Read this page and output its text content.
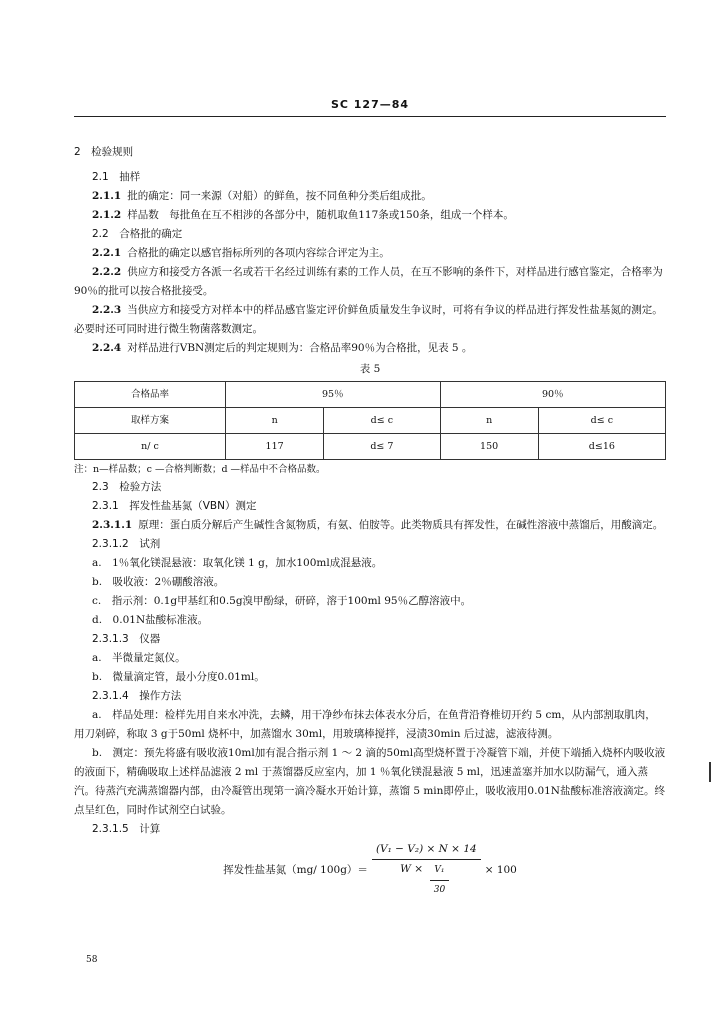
SC 127—84
2　检验规则
2.1　抽样
2.1.1 批的确定：同一来源（对船）的鲜鱼，按不同鱼种分类后组成批。
2.1.2 样品数　每批鱼在互不相涉的各部分中，随机取鱼117条或150条，组成一个样本。
2.2　合格批的确定
2.2.1 合格批的确定以感官指标所列的各项内容综合评定为主。
2.2.2 供应方和接受方各派一名或若干名经过训练有素的工作人员，在互不影响的条件下，对样品进行感官鉴定，合格率为90％的批可以按合格批接受。
2.2.3 当供应方和接受方对样本中的样品感官鉴定评价鲜鱼质量发生争议时，可将有争议的样品进行挥发性盐基氮的测定。必要时还可同时进行微生物菌落数测定。
2.2.4 对样品进行VBN测定后的判定规则为：合格品率90％为合格批，见表 5 。
表 5
合格品率	95％		90％	
取样方案	n	d≤ c	n	d≤ c
n/ c	117	d≤ 7	150	d≤16
注：n—样品数；c —合格判断数；d —样品中不合格品数。
2.3　检验方法
2.3.1　挥发性盐基氮（VBN）测定
2.3.1.1 原理：蛋白质分解后产生碱性含氮物质，有氨、伯胺等。此类物质具有挥发性，在碱性溶液中蒸馏后，用酸滴定。
2.3.1.2　试剂
a.　1％氧化镁混悬液：取氧化镁 1 g，加水100ml成混悬液。
b.　吸收液：2％硼酸溶液。
c.　指示剂：0.1g甲基红和0.5g溴甲酚绿，研碎，溶于100ml 95％乙醇溶液中。
d.　0.01N盐酸标准液。
2.3.1.3　仪器
a.　半微量定氮仪。
b.　微量滴定管，最小分度0.01ml。
2.3.1.4　操作方法
a.　样品处理：检样先用自来水冲洗，去鳞，用干净纱布抹去体表水分后，在鱼背沿脊椎切开约 5 cm，从内部割取肌肉，用刀剁碎，称取 3 g于50ml 烧杯中，加蒸馏水 30ml，用玻璃棒搅拌，浸渍30min 后过滤，滤液待测。
b.　测定：预先将盛有吸收液10ml加有混合指示剂 1 ～ 2 滴的50ml高型烧杯置于冷凝管下端，并使下端插入烧杯内吸收液的液面下，精确吸取上述样品滤液 2 ml 于蒸馏器反应室内，加 1 ％氧化镁混悬液 5 ml，迅速盖塞并加水以防漏气，通入蒸汽。待蒸汽充满蒸馏器内部，由冷凝管出现第一滴冷凝水开始计算，蒸馏 5 min即停止，吸收液用0.01N盐酸标准溶液滴定。终点呈红色，同时作试剂空白试验。
2.3.1.5　计算
挥发性盐基氮（mg/ $100g)= \frac{\text{(V₁ − V₂) × N × 14}}{W \times \frac{\text{V₁}}{30}} \times 100$
58
